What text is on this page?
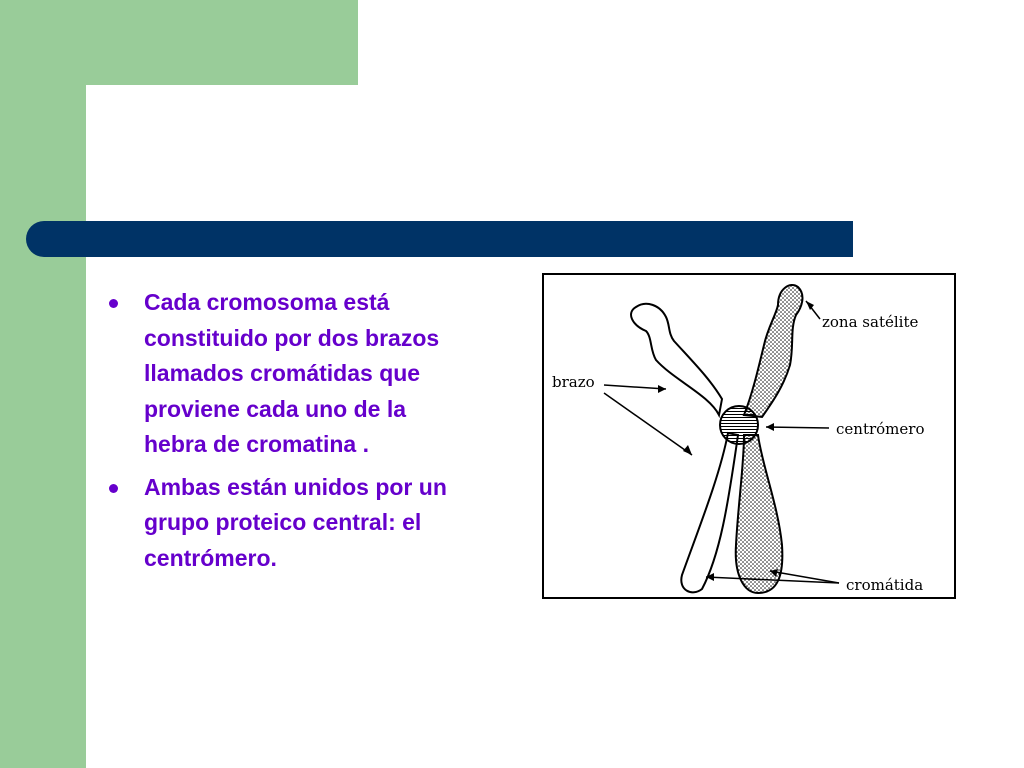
Cada cromosoma está constituido por dos brazos llamados cromátidas que proviene cada uno de la hebra de cromatina .
Ambas están unidos por un grupo proteico central: el centrómero.
zona satélite
brazo
centrómero
cromátida
